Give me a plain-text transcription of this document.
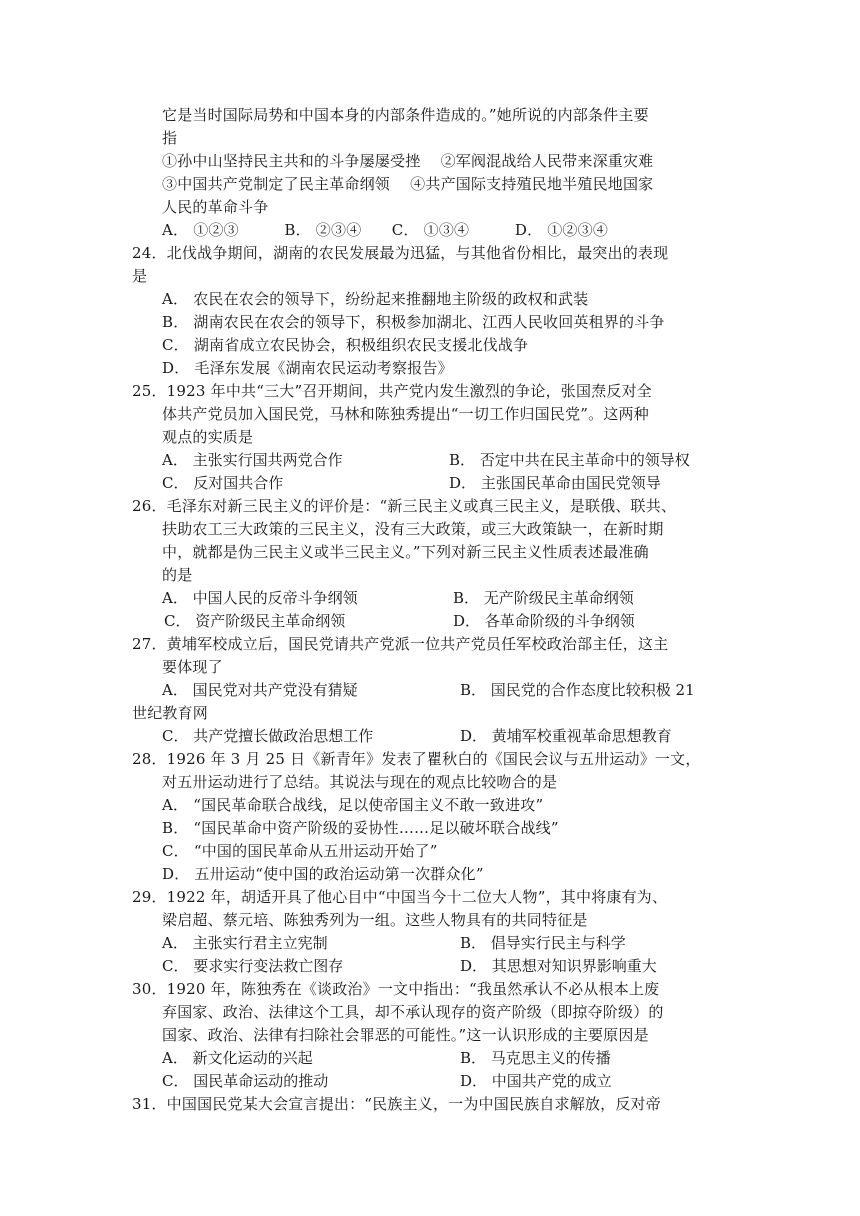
它是当时国际局势和中国本身的内部条件造成的。”她所说的内部条件主要
指
①孙中山坚持民主共和的斗争屡屡受挫　 ②军阀混战给人民带来深重灾难
③中国共产党制定了民主革命纲领　 ④共产国际支持殖民地半殖民地国家
人民的革命斗争
A． ①②③　　　B． ②③④　　C． ①③④　　　D． ①②③④
24．北伐战争期间，湖南的农民发展最为迅猛，与其他省份相比，最突出的表现
是
A． 农民在农会的领导下，纷纷起来推翻地主阶级的政权和武装
B． 湖南农民在农会的领导下，积极参加湖北、江西人民收回英租界的斗争
C． 湖南省成立农民协会，积极组织农民支援北伐战争
D． 毛泽东发展《湖南农民运动考察报告》
25．1923 年中共“三大”召开期间，共产党内发生激烈的争论，张国焘反对全
体共产党员加入国民党，马林和陈独秀提出“一切工作归国民党”。这两种
观点的实质是
A． 主张实行国共两党合作	B． 否定中共在民主革命中的领导权
C． 反对国共合作	D． 主张国民革命由国民党领导
26．毛泽东对新三民主义的评价是：“新三民主义或真三民主义，是联俄、联共、
扶助农工三大政策的三民主义，没有三大政策，或三大政策缺一，在新时期
中，就都是伪三民主义或半三民主义。”下列对新三民主义性质表述最准确
的是
A． 中国人民的反帝斗争纲领	B． 无产阶级民主革命纲领
C． 资产阶级民主革命纲领	D． 各革命阶级的斗争纲领
27．黄埔军校成立后，国民党请共产党派一位共产党员任军校政治部主任，这主
要体现了
A． 国民党对共产党没有猜疑	B． 国民党的合作态度比较积极 21
世纪教育网
C． 共产党擅长做政治思想工作	D． 黄埔军校重视革命思想教育
28．1926 年 3 月 25 日《新青年》发表了瞿秋白的《国民会议与五卅运动》一文，
对五卅运动进行了总结。其说法与现在的观点比较吻合的是
A． “国民革命联合战线，足以使帝国主义不敢一致进攻”
B． “国民革命中资产阶级的妥协性……足以破坏联合战线”
C． “中国的国民革命从五卅运动开始了”
D． 五卅运动“使中国的政治运动第一次群众化”
29．1922 年，胡适开具了他心目中“中国当今十二位大人物”，其中将康有为、
梁启超、蔡元培、陈独秀列为一组。这些人物具有的共同特征是
A． 主张实行君主立宪制	B． 倡导实行民主与科学
C． 要求实行变法救亡图存	D． 其思想对知识界影响重大
30．1920 年，陈独秀在《谈政治》一文中指出：“我虽然承认不必从根本上废
弃国家、政治、法律这个工具，却不承认现存的资产阶级（即掠夺阶级）的
国家、政治、法律有扫除社会罪恶的可能性。”这一认识形成的主要原因是
A． 新文化运动的兴起	B． 马克思主义的传播
C． 国民革命运动的推动	D． 中国共产党的成立
31．中国国民党某大会宣言提出：“民族主义，一为中国民族自求解放，反对帝
